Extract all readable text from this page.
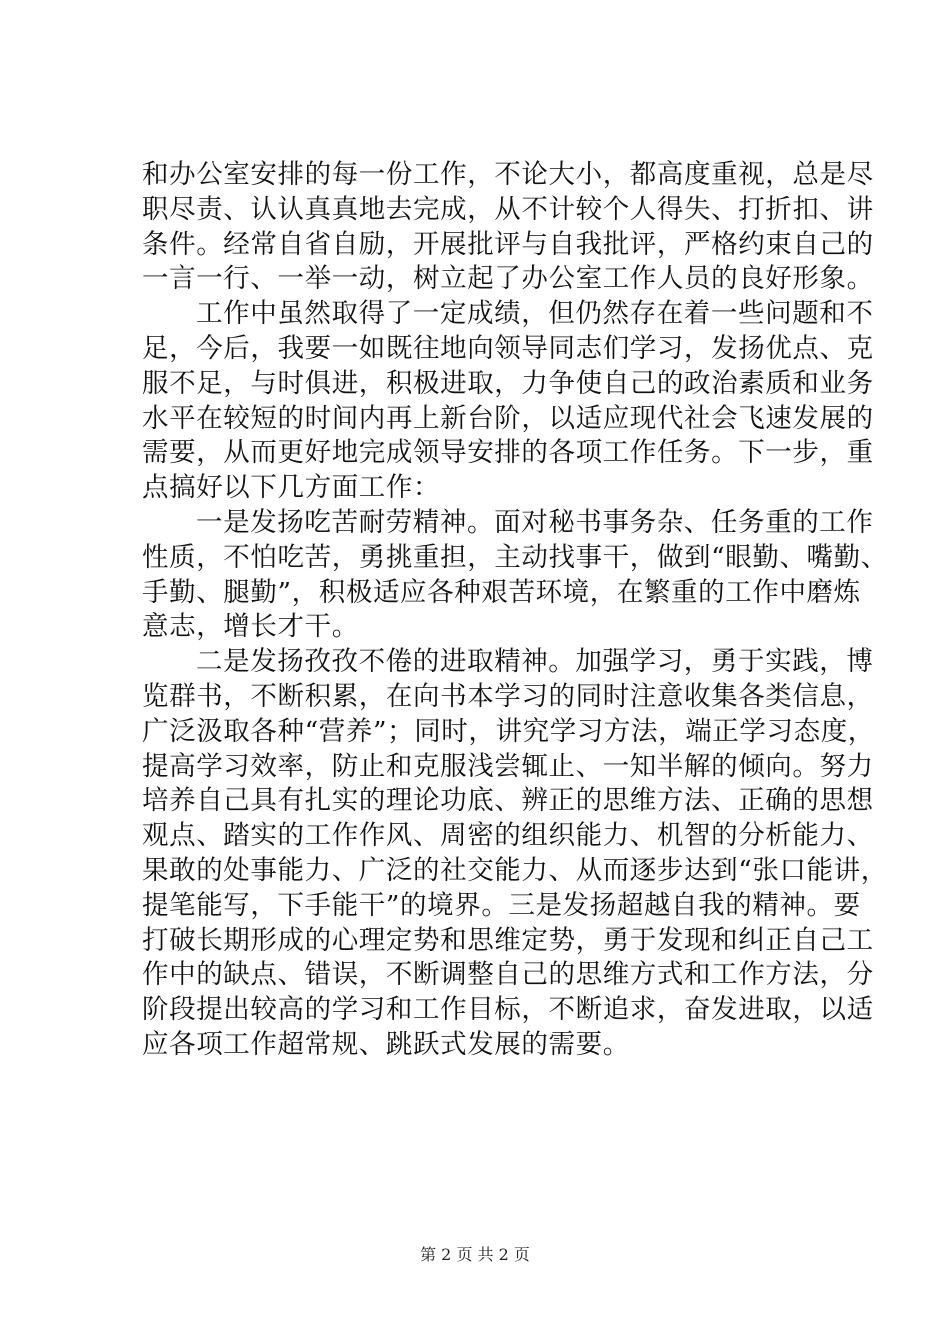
和办公室安排的每一份工作，不论大小，都高度重视，总是尽
职尽责、认认真真地去完成，从不计较个人得失、打折扣、讲
条件。经常自省自励，开展批评与自我批评，严格约束自己的
一言一行、一举一动，树立起了办公室工作人员的良好形象。
工作中虽然取得了一定成绩，但仍然存在着一些问题和不
足，今后，我要一如既往地向领导同志们学习，发扬优点、克
服不足，与时俱进，积极进取，力争使自己的政治素质和业务
水平在较短的时间内再上新台阶，以适应现代社会飞速发展的
需要，从而更好地完成领导安排的各项工作任务。下一步，重
点搞好以下几方面工作：
一是发扬吃苦耐劳精神。面对秘书事务杂、任务重的工作
性质，不怕吃苦，勇挑重担，主动找事干，做到“眼勤、嘴勤、
手勤、腿勤”，积极适应各种艰苦环境，在繁重的工作中磨炼
意志，增长才干。
二是发扬孜孜不倦的进取精神。加强学习，勇于实践，博
览群书，不断积累，在向书本学习的同时注意收集各类信息，
广泛汲取各种“营养”；同时，讲究学习方法，端正学习态度，
提高学习效率，防止和克服浅尝辄止、一知半解的倾向。努力
培养自己具有扎实的理论功底、辨正的思维方法、正确的思想
观点、踏实的工作作风、周密的组织能力、机智的分析能力、
果敢的处事能力、广泛的社交能力、从而逐步达到“张口能讲，
提笔能写，下手能干”的境界。三是发扬超越自我的精神。要
打破长期形成的心理定势和思维定势，勇于发现和纠正自己工
作中的缺点、错误，不断调整自己的思维方式和工作方法，分
阶段提出较高的学习和工作目标，不断追求，奋发进取，以适
应各项工作超常规、跳跃式发展的需要。
第 2 页 共 2 页
